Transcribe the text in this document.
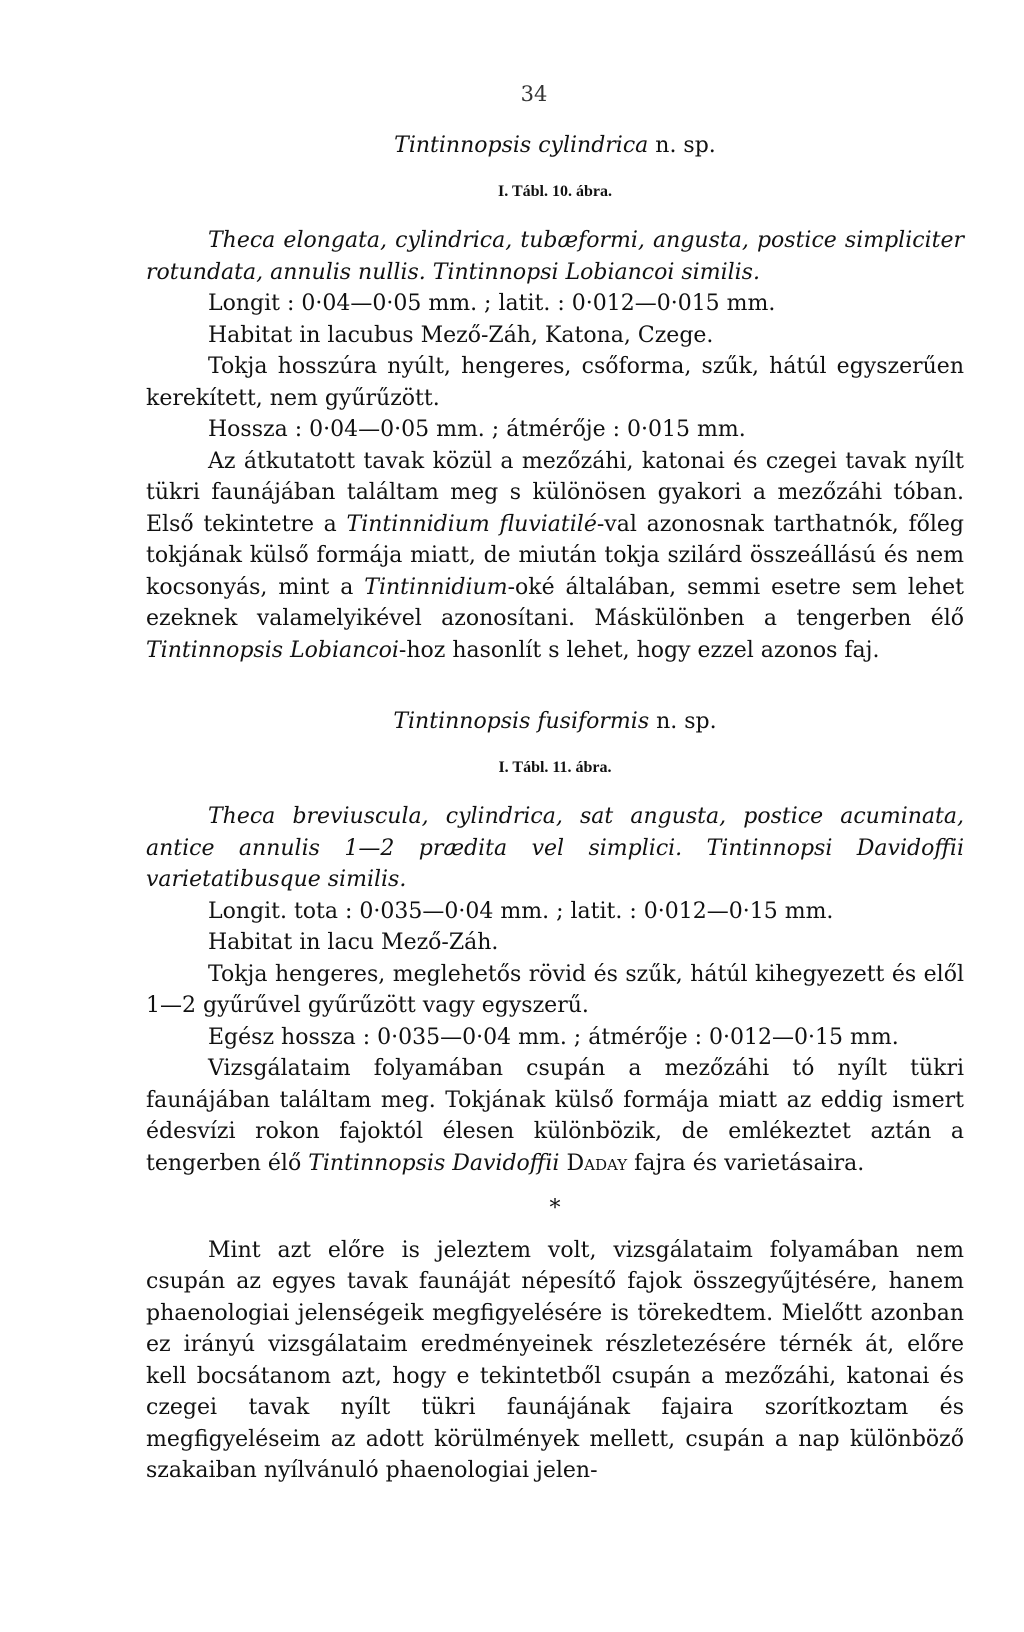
34

Tintinnopsis cylindrica n. sp.

I. Tábl. 10. ábra.

Theca elongata, cylindrica, tubæformi, angusta, postice simpliciter rotundata, annulis nullis. Tintinnopsi Lobiancoi similis.

Longit : 0·04—0·05 mm. ; latit. : 0·012—0·015 mm.

Habitat in lacubus Mező-Záh, Katona, Czege.

Tokja hosszúra nyúlt, hengeres, csőforma, szűk, hátúl egyszerűen kerekített, nem gyűrűzött.

Hossza : 0·04—0·05 mm. ; átmérője : 0·015 mm.

Az átkutatott tavak közül a mezőzáhi, katonai és czegei tavak nyílt tükri faunájában találtam meg s különösen gyakori a mezőzáhi tóban. Első tekintetre a Tintinnidium fluviatilé-val azonosnak tarthatnók, főleg tokjának külső formája miatt, de miután tokja szilárd összeállású és nem kocsonyás, mint a Tintinnidium-oké általában, semmi esetre sem lehet ezeknek valamelyikével azonosítani. Máskülönben a tengerben élő Tintinnopsis Lobiancoi-hoz hasonlít s lehet, hogy ezzel azonos faj.

Tintinnopsis fusiformis n. sp.

I. Tábl. 11. ábra.

Theca breviuscula, cylindrica, sat angusta, postice acuminata, antice annulis 1—2 prædita vel simplici. Tintinnopsi Davidoffii varietatibusque similis.

Longit. tota : 0·035—0·04 mm. ; latit. : 0·012—0·15 mm.

Habitat in lacu Mező-Záh.

Tokja hengeres, meglehetős rövid és szűk, hátúl kihegyezett és elől 1—2 gyűrűvel gyűrűzött vagy egyszerű.

Egész hossza : 0·035—0·04 mm. ; átmérője : 0·012—0·15 mm.

Vizsgálataim folyamában csupán a mezőzáhi tó nyílt tükri faunájában találtam meg. Tokjának külső formája miatt az eddig ismert édesvízi rokon fajoktól élesen különbözik, de emlékeztet aztán a tengerben élő Tintinnopsis Davidoffii Daday fajra és varietásaira.

*

Mint azt előre is jeleztem volt, vizsgálataim folyamában nem csupán az egyes tavak faunáját népesítő fajok összegyűjtésére, hanem phaenologiai jelenségeik megfigyelésére is törekedtem. Mielőtt azonban ez irányú vizsgálataim eredményeinek részletezésére térnék át, előre kell bocsátanom azt, hogy e tekintetből csupán a mezőzáhi, katonai és czegei tavak nyílt tükri faunájának fajaira szorítkoztam és megfigyeléseim az adott körülmények mellett, csupán a nap különböző szakaiban nyílvánuló phaenologiai jelen-
